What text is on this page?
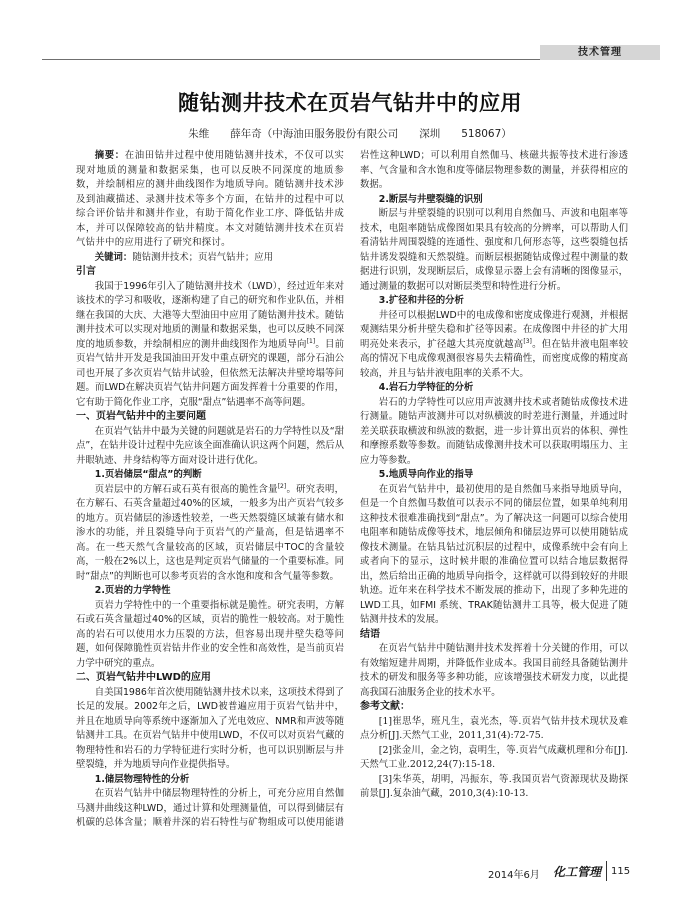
技术管理
随钻测井技术在页岩气钻井中的应用
朱维　　薛年奇（中海油田服务股份有限公司　　深圳　　518067）

摘要：在油田钻井过程中使用随钻测井技术，不仅可以实现对地质的测量和数据采集，也可以反映不同深度的地质参数，并绘制相应的测井曲线图作为地质导向。随钻测井技术涉及到油藏描述、录测井技术等多个方面，在钻井的过程中可以综合评价钻井和测井作业，有助于简化作业工序、降低钻井成本，并可以保障较高的钻井精度。本文对随钻测井技术在页岩气钻井中的应用进行了研究和探讨。

关键词：随钻测井技术；页岩气钻井；应用

引言

我国于1996年引入了随钻测井技术（LWD），经过近年来对该技术的学习和吸收，逐渐构建了自己的研究和作业队伍，并相继在我国的大庆、大港等大型油田中应用了随钻测井技术。随钻测井技术可以实现对地质的测量和数据采集，也可以反映不同深度的地质参数，并绘制相应的测井曲线图作为地质导向[1]。目前页岩气钻井开发是我国油田开发中重点研究的课题，部分石油公司也开展了多次页岩气钻井试验，但依然无法解决井壁垮塌等问题。而LWD在解决页岩气钻井问题方面发挥着十分重要的作用，它有助于简化作业工序，克服“甜点”钻遇率不高等问题。

一、页岩气钻井中的主要问题

在页岩气钻井中最为关键的问题就是岩石的力学特性以及“甜点”，在钻井设计过程中先应该全面准确认识这两个问题，然后从井眼轨迹、井身结构等方面对设计进行优化。

1.页岩储层“甜点”的判断

页岩层中的方解石或石英有很高的脆性含量[2]。研究表明，在方解石、石英含量超过40%的区域，一般多为出产页岩气较多的地方。页岩储层的渗透性较差，一些天然裂缝区域兼有储水和渗水的功能，并且裂缝导向于页岩气的产量高，但是钻遇率不高。在一些天然气含量较高的区域，页岩储层中TOC的含量较高，一般在2%以上，这也是判定页岩气储量的一个重要标准。同时“甜点”的判断也可以参考页岩的含水饱和度和含气量等参数。

2.页岩的力学特性

页岩力学特性中的一个重要指标就是脆性。研究表明，方解石或石英含量超过40%的区域，页岩的脆性一般较高。对于脆性高的岩石可以使用水力压裂的方法，但容易出现井壁失稳等问题，如何保障脆性页岩钻井作业的安全性和高效性，是当前页岩力学中研究的重点。

二、页岩气钻井中LWD的应用

自美国1986年首次使用随钻测井技术以来，这项技术得到了长足的发展。2002年之后，LWD被普遍应用于页岩气钻井中，并且在地质导向等系统中逐渐加入了光电效应、NMR和声波等随钻测井工具。在页岩气钻井中使用LWD，不仅可以对页岩气藏的物理特性和岩石的力学特征进行实时分析，也可以识别断层与井壁裂缝，并为地质导向作业提供指导。

1.储层物理特性的分析

在页岩气钻井中储层物理特性的分析上，可充分应用自然伽马测井曲线这种LWD，通过计算和处理测量值，可以得到储层有机碳的总体含量；顺着井深的岩石特性与矿物组成可以使用能谱

岩性这种LWD；可以利用自然伽马、核磁共振等技术进行渗透率、气含量和含水饱和度等储层物理参数的测量，并获得相应的数据。

2.断层与井壁裂缝的识别

断层与井壁裂缝的识别可以利用自然伽马、声波和电阻率等技术，电阻率随钻成像图如果具有较高的分辨率，可以帮助人们看清钻井周围裂缝的连通性、强度和几何形态等，这些裂缝包括钻井诱发裂缝和天然裂缝。而断层根据随钻成像过程中测量的数据进行识别，发现断层后，成像显示器上会有清晰的图像显示，通过测量的数据可以对断层类型和特性进行分析。

3.扩径和井径的分析

井径可以根据LWD中的电成像和密度成像进行观测，并根据观测结果分析井壁失稳和扩径等因素。在成像图中井径的扩大用明亮处来表示，扩径越大其亮度就越高[3]。但在钻井液电阻率较高的情况下电成像观测很容易失去精确性，而密度成像的精度高较高，并且与钻井液电阻率的关系不大。

4.岩石力学特征的分析

岩石的力学特性可以应用声波测井技术或者随钻成像技术进行测量。随钻声波测井可以对纵横波的时差进行测量，并通过时差关联获取横波和纵波的数据，进一步计算出页岩的体积、弹性和摩擦系数等参数。而随钻成像测井技术可以获取明塌压力、主应力等参数。

5.地质导向作业的指导

在页岩气钻井中，最初使用的是自然伽马来指导地质导向，但是一个自然伽马数值可以表示不同的储层位置，如果单纯利用这种技术很难准确找到“甜点”。为了解决这一问题可以综合使用电阻率和随钻成像等技术，地层倾角和储层边界可以使用随钻成像技术测量。在钻具钻过沉积层的过程中，成像系统中会有向上或者向下的显示，这时候井眼的准确位置可以结合地层数据得出，然后给出正确的地质导向指令，这样就可以得到较好的井眼轨迹。近年来在科学技术不断发展的推动下，出现了多种先进的LWD工具，如FMI 系统、TRAK随钻测井工具等，极大促进了随钻测井技术的发展。

结语

在页岩气钻井中随钻测井技术发挥着十分关键的作用，可以有效缩短建井周期，并降低作业成本。我国目前经具备随钻测井技术的研发和服务等多种功能，应该增强技术研发力度，以此提高我国石油服务企业的技术水平。

参考文献：

[1]崔思华，班凡生，袁光杰，等.页岩气钻井技术现状及难点分析[J].天然气工业，2011,31(4):72-75.

[2]张金川，金之钧，袁明生，等.页岩气成藏机理和分布[J].天然气工业.2012,24(7):15-18.

[3]朱华英，胡明，冯振东，等.我国页岩气资源现状及勘探前景[J].复杂油气藏，2010,3(4):10-13.

2014年6月 化工管理 115
